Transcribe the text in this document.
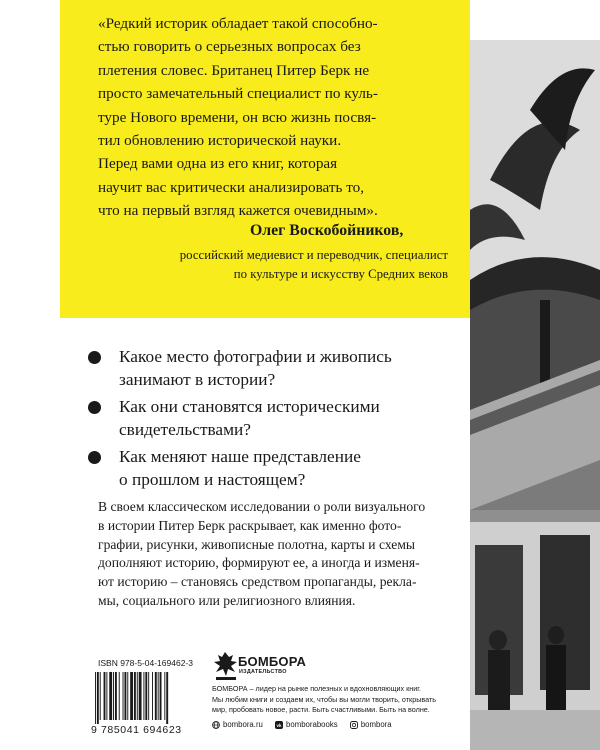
«Редкий историк обладает такой способно-
стью говорить о серьезных вопросах без
плетения словес. Британец Питер Берк не
просто замечательный специалист по куль-
туре Нового времени, он всю жизнь посвя-
тил обновлению исторической науки.
Перед вами одна из его книг, которая
научит вас критически анализировать то,
что на первый взгляд кажется очевидным».

Олег Воскобойников,

российский медиевист и переводчик, специалист
по культуре и искусству Средних веков
Какое место фотографии и живопись
занимают в истории?
Как они становятся историческими
свидетельствами?
Как меняют наше представление
о прошлом и настоящем?
В своем классическом исследовании о роли визуального
в истории Питер Берк раскрывает, как именно фото-
графии, рисунки, живописные полотна, карты и схемы
дополняют историю, формируют ее, а иногда и изменя-
ют историю – становясь средством пропаганды, рекла-
мы, социального или религиозного влияния.

ISBN 978-5-04-169462-3

9 785041 694623

БОМБОРА

ИЗДАТЕЛЬСТВО

БОМБОРА – лидер на рынке полезных и вдохновляющих книг.
Мы любим книги и создаем их, чтобы вы могли творить, открывать
мир, пробовать новое, расти. Быть счастливыми. Быть на волне.
bombora.ru
	vk bomborabooks
	bombora
